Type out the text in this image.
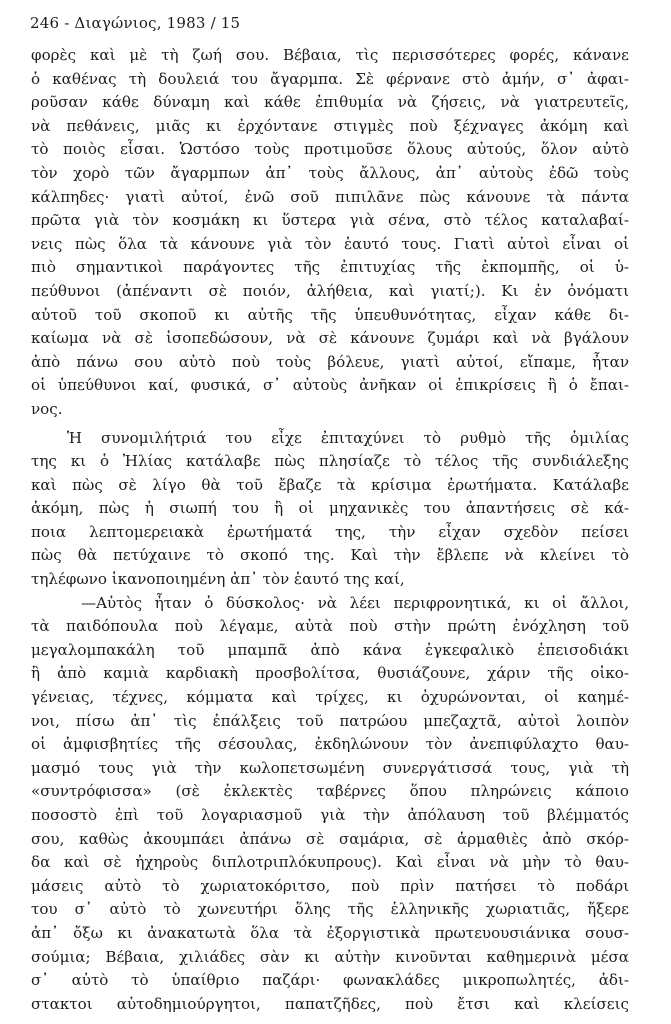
246 - Διαγώνιος, 1983 / 15
φορὲς καὶ μὲ τὴ ζωή σου. Βέβαια, τὶς περισσότερες φορές, κάνανε
ὁ καθένας τὴ δουλειά του ἄγαρμπα. Σὲ φέρνανε στὸ ἀμήν, σ᾽ ἀφαι-
ροῦσαν κάθε δύναμη καὶ κάθε ἐπιθυμία νὰ ζήσεις, νὰ γιατρευτεῖς,
νὰ πεθάνεις, μιᾶς κι ἐρχόντανε στιγμὲς ποὺ ξέχναγες ἀκόμη καὶ
τὸ ποιὸς εἶσαι. Ὡστόσο τοὺς προτιμοῦσε ὅλους αὐτούς, ὅλον αὐτὸ
τὸν χορὸ τῶν ἄγαρμπων ἀπ᾽ τοὺς ἄλλους, ἀπ᾽ αὐτοὺς ἐδῶ τοὺς
κάλπηδες· γιατὶ αὐτοί, ἐνῶ σοῦ πιπιλᾶνε πὼς κάνουνε τὰ πάντα
πρῶτα γιὰ τὸν κοσμάκη κι ὕστερα γιὰ σένα, στὸ τέλος καταλαβαί-
νεις πὼς ὅλα τὰ κάνουνε γιὰ τὸν ἑαυτό τους. Γιατὶ αὐτοὶ εἶναι οἱ
πιὸ σημαντικοὶ παράγοντες τῆς ἐπιτυχίας τῆς ἐκπομπῆς, οἱ ὑ-
πεύθυνοι (ἀπέναντι σὲ ποιόν, ἀλήθεια, καὶ γιατί;). Κι ἐν ὀνόματι
αὐτοῦ τοῦ σκοποῦ κι αὐτῆς τῆς ὑπευθυνότητας, εἶχαν κάθε δι-
καίωμα νὰ σὲ ἰσοπεδώσουν, νὰ σὲ κάνουνε ζυμάρι καὶ νὰ βγάλουν
ἀπὸ πάνω σου αὐτὸ ποὺ τοὺς βόλευε, γιατὶ αὐτοί, εἴπαμε, ἦταν
οἱ ὑπεύθυνοι καί, φυσικά, σ᾽ αὐτοὺς ἀνῆκαν οἱ ἐπικρίσεις ἢ ὁ ἔπαι-
νος.
Ἡ συνομιλήτριά του εἶχε ἐπιταχύνει τὸ ρυθμὸ τῆς ὁμιλίας
της κι ὁ Ἠλίας κατάλαβε πὼς πλησίαζε τὸ τέλος τῆς συνδιάλεξης
καὶ πὼς σὲ λίγο θὰ τοῦ ἔβαζε τὰ κρίσιμα ἐρωτήματα. Κατάλαβε
ἀκόμη, πὼς ἡ σιωπή του ἢ οἱ μηχανικὲς του ἀπαντήσεις σὲ κά-
ποια λεπτομερειακὰ ἐρωτήματά της, τὴν εἶχαν σχεδὸν πείσει
πὼς θὰ πετύχαινε τὸ σκοπό της. Καὶ τὴν ἔβλεπε νὰ κλείνει τὸ
τηλέφωνο ἱκανοποιημένη ἀπ᾽ τὸν ἑαυτό της καί,
—Αὐτὸς ἦταν ὁ δύσκολος· νὰ λέει περιφρονητικά, κι οἱ ἄλλοι,
τὰ παιδόπουλα ποὺ λέγαμε, αὐτὰ ποὺ στὴν πρώτη ἐνόχληση τοῦ
μεγαλομπακάλη τοῦ μπαμπᾶ ἀπὸ κάνα ἐγκεφαλικὸ ἐπεισοδιάκι
ἢ ἀπὸ καμιὰ καρδιακὴ προσβολίτσα, θυσιάζουνε, χάριν τῆς οἰκο-
γένειας, τέχνες, κόμματα καὶ τρίχες, κι ὀχυρώνονται, οἱ καημέ-
νοι, πίσω ἀπ᾽ τὶς ἐπάλξεις τοῦ πατρώου μπεζαχτᾶ, αὐτοὶ λοιπὸν
οἱ ἀμφισβητίες τῆς σέσουλας, ἐκδηλώνουν τὸν ἀνεπιφύλαχτο θαυ-
μασμό τους γιὰ τὴν κωλοπετσωμένη συνεργάτισσά τους, γιὰ τὴ
«συντρόφισσα» (σὲ ἐκλεκτὲς ταβέρνες ὅπου πληρώνεις κάποιο
ποσοστὸ ἐπὶ τοῦ λογαριασμοῦ γιὰ τὴν ἀπόλαυση τοῦ βλέμματός
σου, καθὼς ἀκουμπάει ἀπάνω σὲ σαμάρια, σὲ ἁρμαθιὲς ἀπὸ σκόρ-
δα καὶ σὲ ἠχηροὺς διπλοτριπλόκυπρους). Καὶ εἶναι νὰ μὴν τὸ θαυ-
μάσεις αὐτὸ τὸ χωριατοκόριτσο, ποὺ πρὶν πατήσει τὸ ποδάρι
του σ᾽ αὐτὸ τὸ χωνευτήρι ὅλης τῆς ἑλληνικῆς χωριατιᾶς, ἤξερε
ἀπ᾽ ὄξω κι ἀνακατωτὰ ὅλα τὰ ἐξοργιστικὰ πρωτευουσιάνικα σουσ-
σούμια; Βέβαια, χιλιάδες σὰν κι αὐτὴν κινοῦνται καθημερινὰ μέσα
σ᾽ αὐτὸ τὸ ὑπαίθριο παζάρι· φωνακλάδες μικροπωλητές, ἀδι-
στακτοι αὐτοδημιούργητοι, παπατζῆδες, ποὺ ἔτσι καὶ κλείσεις
